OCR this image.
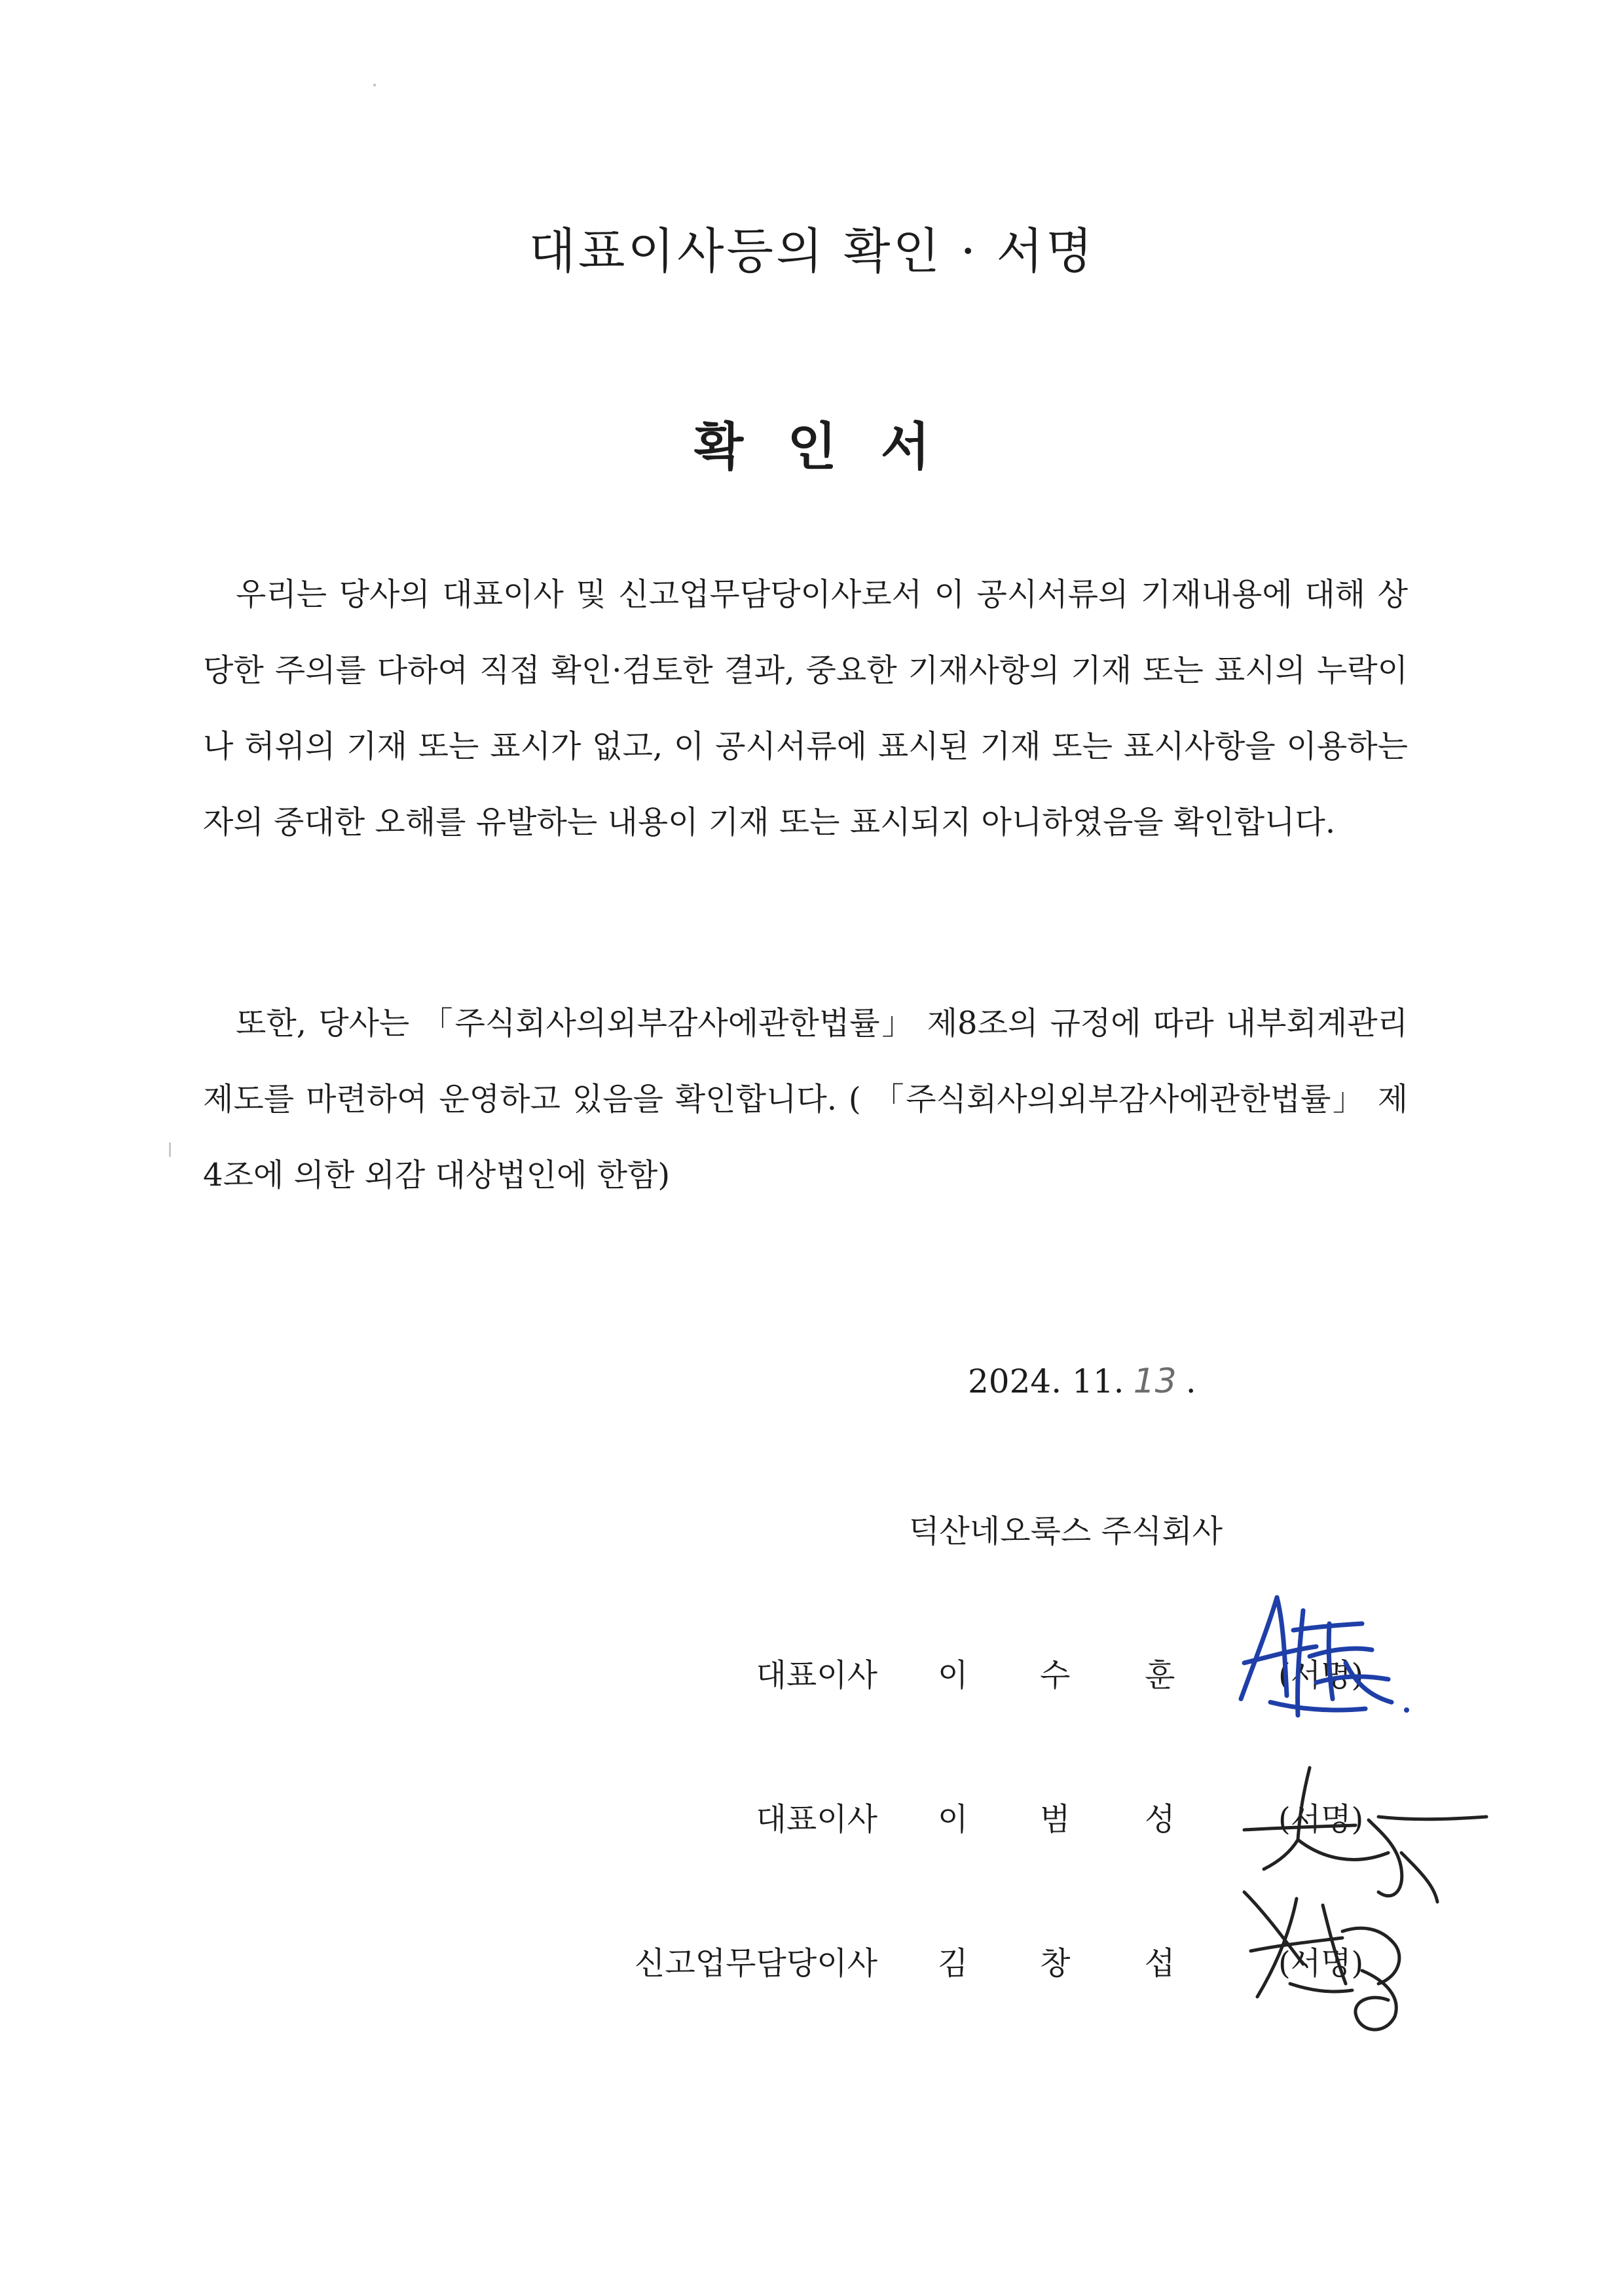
대표이사등의 확인 · 서명
확 인 서

우리는 당사의 대표이사 및 신고업무담당이사로서 이 공시서류의 기재내용에 대해 상당한 주의를 다하여 직접 확인·검토한 결과, 중요한 기재사항의 기재 또는 표시의 누락이나 허위의 기재 또는 표시가 없고, 이 공시서류에 표시된 기재 또는 표시사항을 이용하는 자의 중대한 오해를 유발하는 내용이 기재 또는 표시되지 아니하였음을 확인합니다.

또한, 당사는 「주식회사의외부감사에관한법률」 제8조의 규정에 따라 내부회계관리제도를 마련하여 운영하고 있음을 확인합니다. ( 「주식회사의외부감사에관한법률」 제4조에 의한 외감 대상법인에 한함)

2024. 11. 13 .
덕산네오룩스 주식회사
대표이사 이 수 훈	(서명)
대표이사 이 범 성	(서명)
신고업무담당이사 김 창 섭	(서명)
